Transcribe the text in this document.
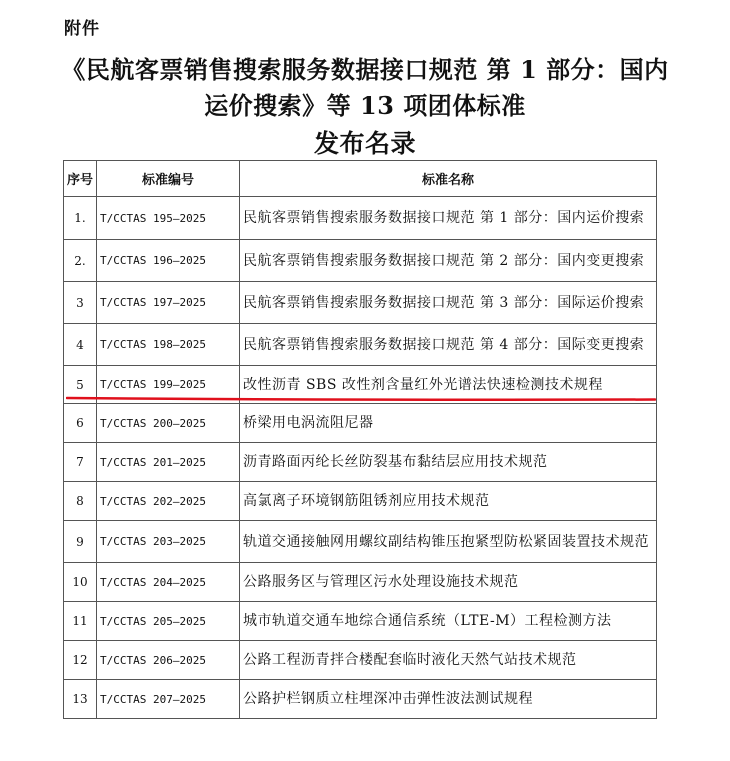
附件
《民航客票销售搜索服务数据接口规范 第 1 部分：国内
运价搜索》等 13 项团体标准
发布名录
序号	标准编号	标准名称
1.	T/CCTAS 195—2025	民航客票销售搜索服务数据接口规范 第 1 部分：国内运价搜索
2.	T/CCTAS 196—2025	民航客票销售搜索服务数据接口规范 第 2 部分：国内变更搜索
3	T/CCTAS 197—2025	民航客票销售搜索服务数据接口规范 第 3 部分：国际运价搜索
4	T/CCTAS 198—2025	民航客票销售搜索服务数据接口规范 第 4 部分：国际变更搜索
5	T/CCTAS 199—2025	改性沥青 SBS 改性剂含量红外光谱法快速检测技术规程
6	T/CCTAS 200—2025	桥梁用电涡流阻尼器
7	T/CCTAS 201—2025	沥青路面丙纶长丝防裂基布黏结层应用技术规范
8	T/CCTAS 202—2025	高氯离子环境钢筋阻锈剂应用技术规范
9	T/CCTAS 203—2025	轨道交通接触网用螺纹副结构锥压抱紧型防松紧固装置技术规范
10	T/CCTAS 204—2025	公路服务区与管理区污水处理设施技术规范
11	T/CCTAS 205—2025	城市轨道交通车地综合通信系统（LTE-M）工程检测方法
12	T/CCTAS 206—2025	公路工程沥青拌合楼配套临时液化天然气站技术规范
13	T/CCTAS 207—2025	公路护栏钢质立柱埋深冲击弹性波法测试规程
